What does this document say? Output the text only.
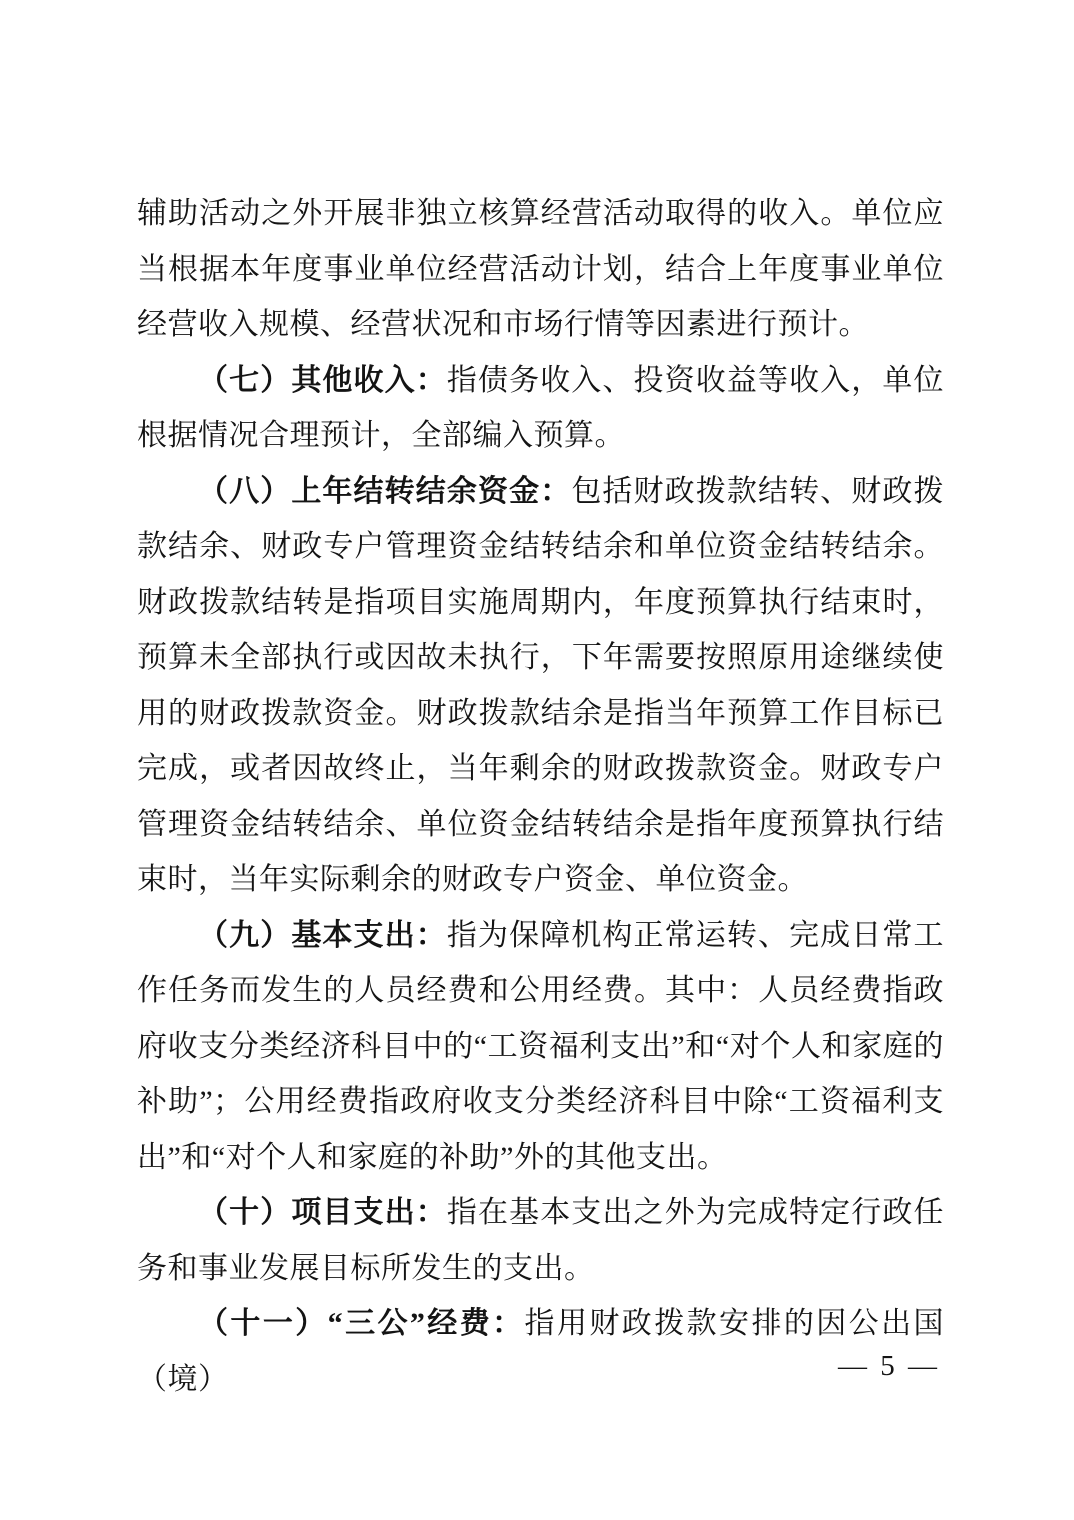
辅助活动之外开展非独立核算经营活动取得的收入。单位应当根据本年度事业单位经营活动计划，结合上年度事业单位经营收入规模、经营状况和市场行情等因素进行预计。

（七）其他收入：指债务收入、投资收益等收入，单位根据情况合理预计，全部编入预算。

（八）上年结转结余资金：包括财政拨款结转、财政拨款结余、财政专户管理资金结转结余和单位资金结转结余。财政拨款结转是指项目实施周期内，年度预算执行结束时，预算未全部执行或因故未执行，下年需要按照原用途继续使用的财政拨款资金。财政拨款结余是指当年预算工作目标已完成，或者因故终止，当年剩余的财政拨款资金。财政专户管理资金结转结余、单位资金结转结余是指年度预算执行结束时，当年实际剩余的财政专户资金、单位资金。

（九）基本支出：指为保障机构正常运转、完成日常工作任务而发生的人员经费和公用经费。其中：人员经费指政府收支分类经济科目中的“工资福利支出”和“对个人和家庭的补助”；公用经费指政府收支分类经济科目中除“工资福利支出”和“对个人和家庭的补助”外的其他支出。

（十）项目支出：指在基本支出之外为完成特定行政任务和事业发展目标所发生的支出。

（十一）“三公”经费：指用财政拨款安排的因公出国（境）	— 5 —
